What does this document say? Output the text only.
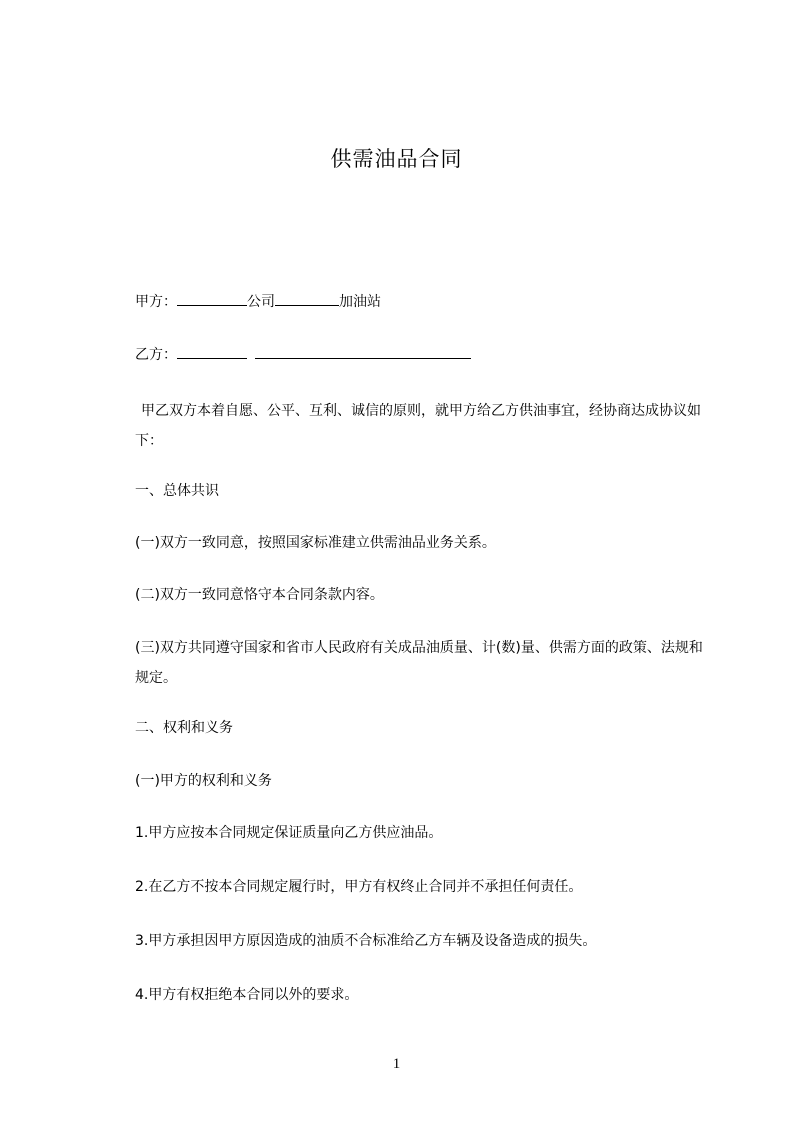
供需油品合同
甲方：	公司	加油站
乙方：
甲乙双方本着自愿、公平、互利、诚信的原则，就甲方给乙方供油事宜，经协商达成协议如下：
一、总体共识
(一)双方一致同意，按照国家标准建立供需油品业务关系。
(二)双方一致同意恪守本合同条款内容。
(三)双方共同遵守国家和省市人民政府有关成品油质量、计(数)量、供需方面的政策、法规和规定。
二、权利和义务
(一)甲方的权利和义务
1.甲方应按本合同规定保证质量向乙方供应油品。
2.在乙方不按本合同规定履行时，甲方有权终止合同并不承担任何责任。
3.甲方承担因甲方原因造成的油质不合标准给乙方车辆及设备造成的损失。
4.甲方有权拒绝本合同以外的要求。
1
